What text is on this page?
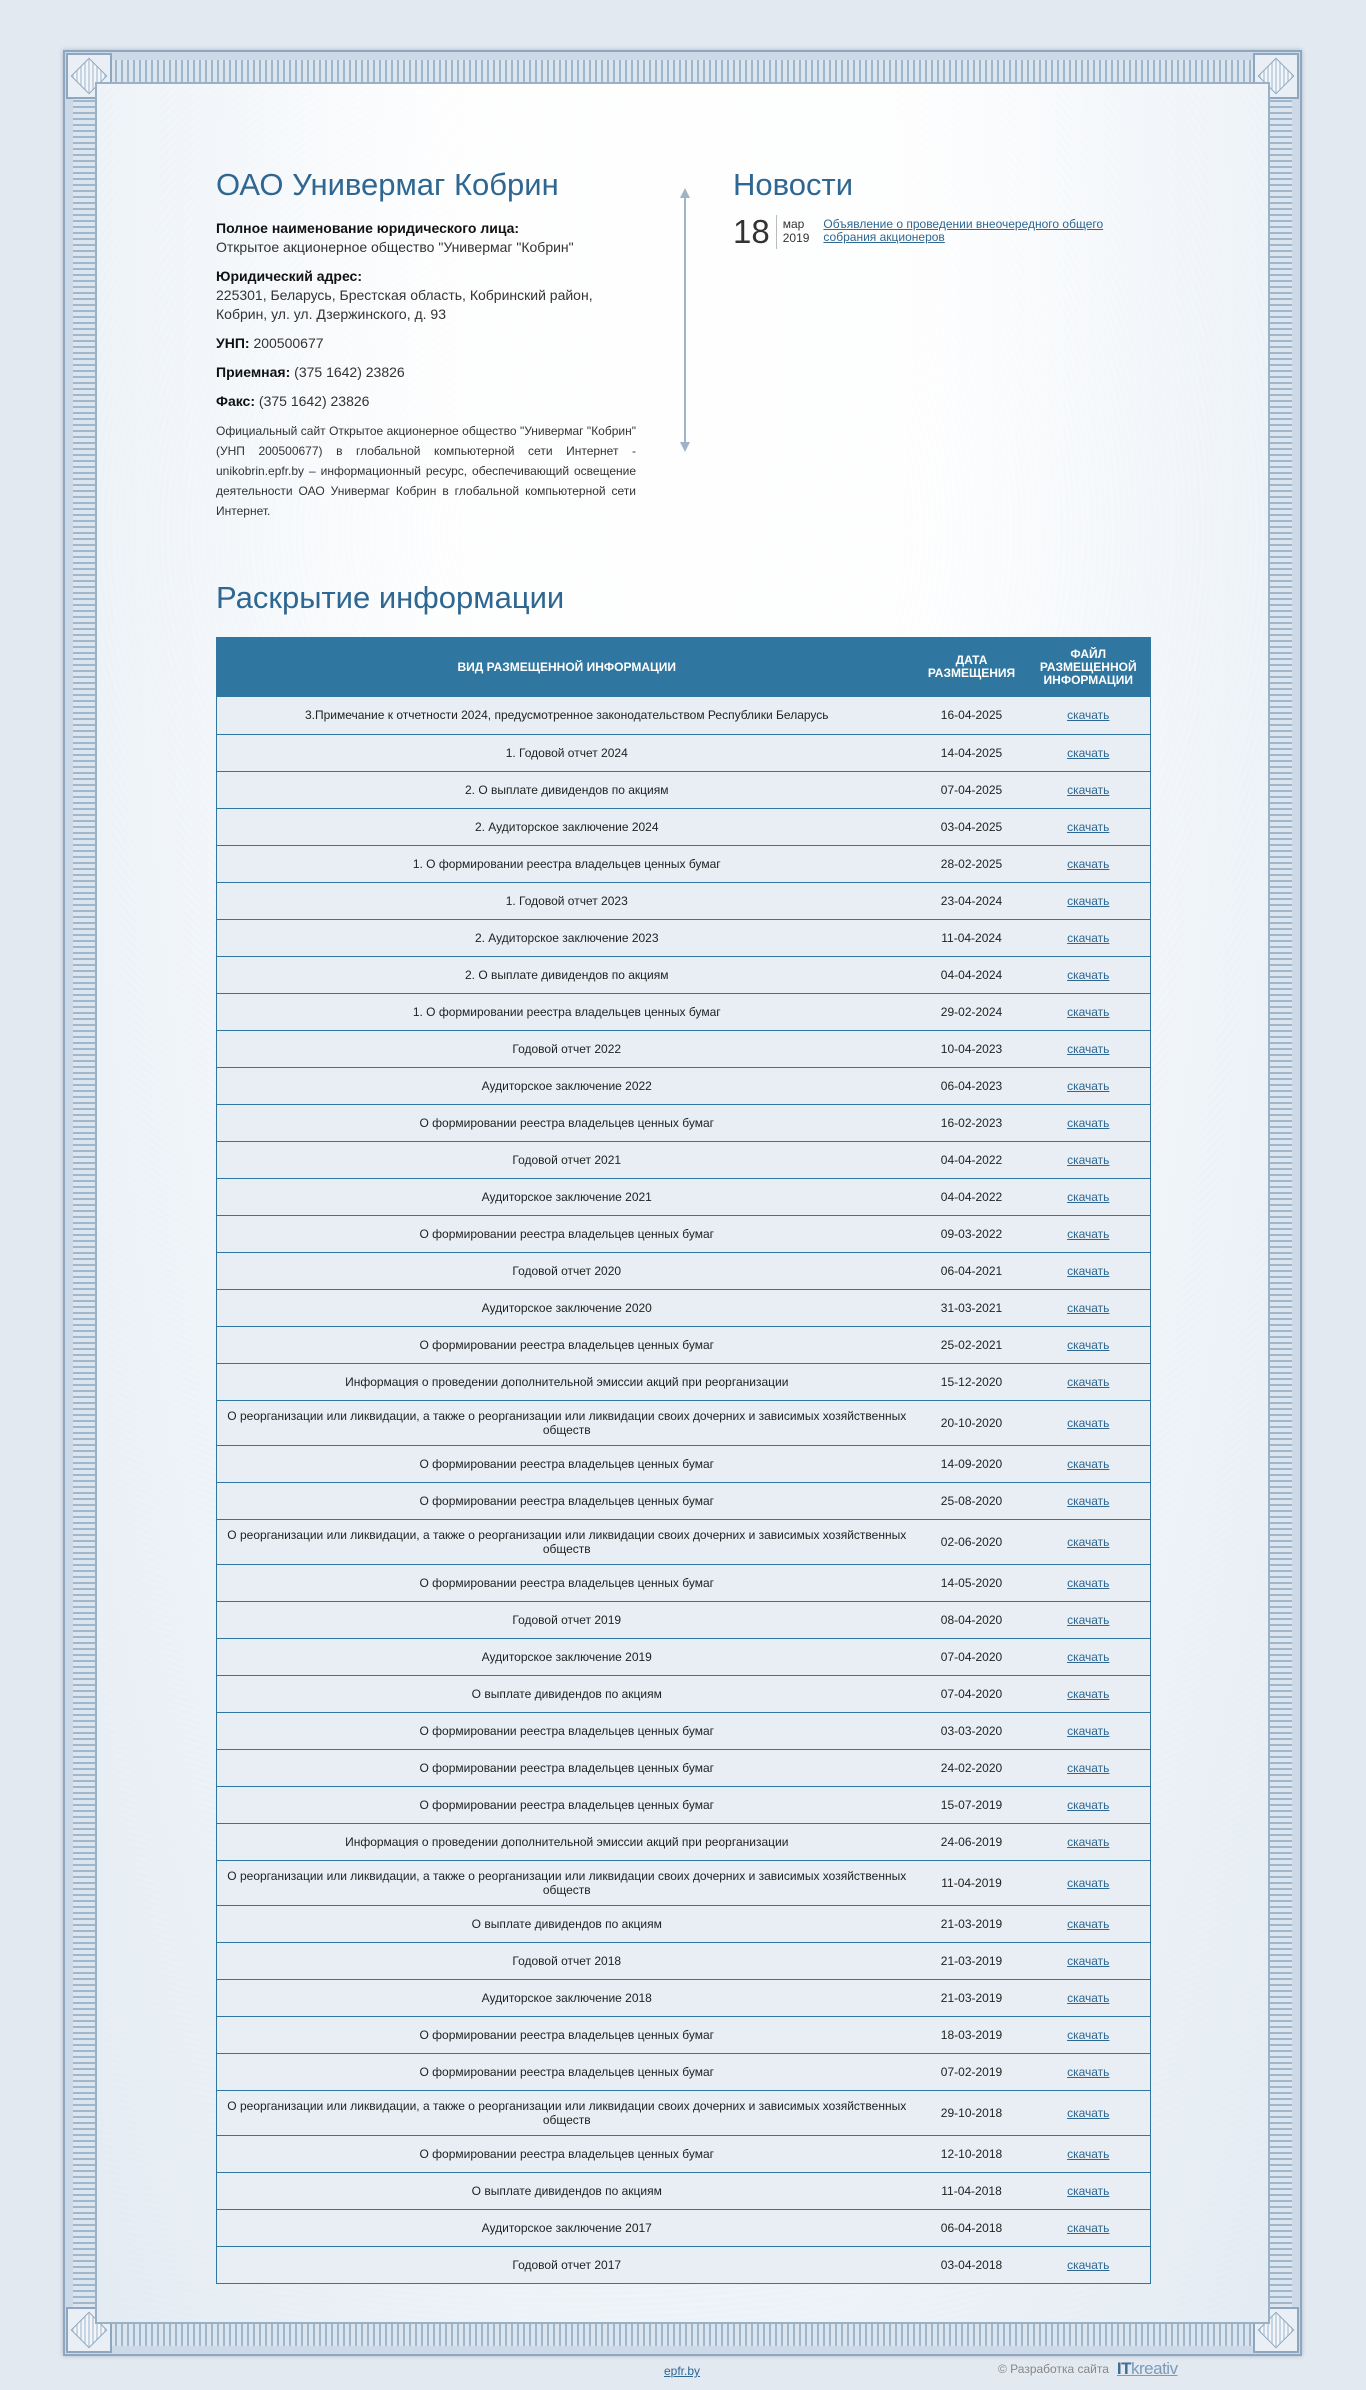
ОАО Универмаг Кобрин
Полное наименование юридического лица:
Открытое акционерное общество "Универмаг "Кобрин"
Юридический адрес:
225301, Беларусь, Брестская область, Кобринский район, Кобрин, ул. ул. Дзержинского, д. 93
УНП: 200500677
Приемная: (375 1642) 23826
Факс: (375 1642) 23826

Официальный сайт Открытое акционерное общество "Универмаг "Кобрин" (УНП 200500677) в глобальной компьютерной сети Интернет - unikobrin.epfr.by – информационный ресурс, обеспечивающий освещение деятельности ОАО Универмаг Кобрин в глобальной компьютерной сети Интернет.

Новости
18	мар
2019
Объявление о проведении внеочередного общего собрания акционеров
Раскрытие информации
ВИД РАЗМЕЩЕННОЙ ИНФОРМАЦИИ	ДАТА РАЗМЕЩЕНИЯ	ФАЙЛ РАЗМЕЩЕННОЙ ИНФОРМАЦИИ
3.Примечание к отчетности 2024, предусмотренное законодательством Республики Беларусь	16-04-2025	скачать
1. Годовой отчет 2024	14-04-2025	скачать
2. О выплате дивидендов по акциям	07-04-2025	скачать
2. Аудиторское заключение 2024	03-04-2025	скачать
1. О формировании реестра владельцев ценных бумаг	28-02-2025	скачать
1. Годовой отчет 2023	23-04-2024	скачать
2. Аудиторское заключение 2023	11-04-2024	скачать
2. О выплате дивидендов по акциям	04-04-2024	скачать
1. О формировании реестра владельцев ценных бумаг	29-02-2024	скачать
Годовой отчет 2022	10-04-2023	скачать
Аудиторское заключение 2022	06-04-2023	скачать
О формировании реестра владельцев ценных бумаг	16-02-2023	скачать
Годовой отчет 2021	04-04-2022	скачать
Аудиторское заключение 2021	04-04-2022	скачать
О формировании реестра владельцев ценных бумаг	09-03-2022	скачать
Годовой отчет 2020	06-04-2021	скачать
Аудиторское заключение 2020	31-03-2021	скачать
О формировании реестра владельцев ценных бумаг	25-02-2021	скачать
Информация о проведении дополнительной эмиссии акций при реорганизации	15-12-2020	скачать
О реорганизации или ликвидации, а также о реорганизации или ликвидации своих дочерних и зависимых хозяйственных обществ	20-10-2020	скачать
О формировании реестра владельцев ценных бумаг	14-09-2020	скачать
О формировании реестра владельцев ценных бумаг	25-08-2020	скачать
О реорганизации или ликвидации, а также о реорганизации или ликвидации своих дочерних и зависимых хозяйственных обществ	02-06-2020	скачать
О формировании реестра владельцев ценных бумаг	14-05-2020	скачать
Годовой отчет 2019	08-04-2020	скачать
Аудиторское заключение 2019	07-04-2020	скачать
О выплате дивидендов по акциям	07-04-2020	скачать
О формировании реестра владельцев ценных бумаг	03-03-2020	скачать
О формировании реестра владельцев ценных бумаг	24-02-2020	скачать
О формировании реестра владельцев ценных бумаг	15-07-2019	скачать
Информация о проведении дополнительной эмиссии акций при реорганизации	24-06-2019	скачать
О реорганизации или ликвидации, а также о реорганизации или ликвидации своих дочерних и зависимых хозяйственных обществ	11-04-2019	скачать
О выплате дивидендов по акциям	21-03-2019	скачать
Годовой отчет 2018	21-03-2019	скачать
Аудиторское заключение 2018	21-03-2019	скачать
О формировании реестра владельцев ценных бумаг	18-03-2019	скачать
О формировании реестра владельцев ценных бумаг	07-02-2019	скачать
О реорганизации или ликвидации, а также о реорганизации или ликвидации своих дочерних и зависимых хозяйственных обществ	29-10-2018	скачать
О формировании реестра владельцев ценных бумаг	12-10-2018	скачать
О выплате дивидендов по акциям	11-04-2018	скачать
Аудиторское заключение 2017	06-04-2018	скачать
Годовой отчет 2017	03-04-2018	скачать
epfr.by	© Разработка сайта ITkreativ
